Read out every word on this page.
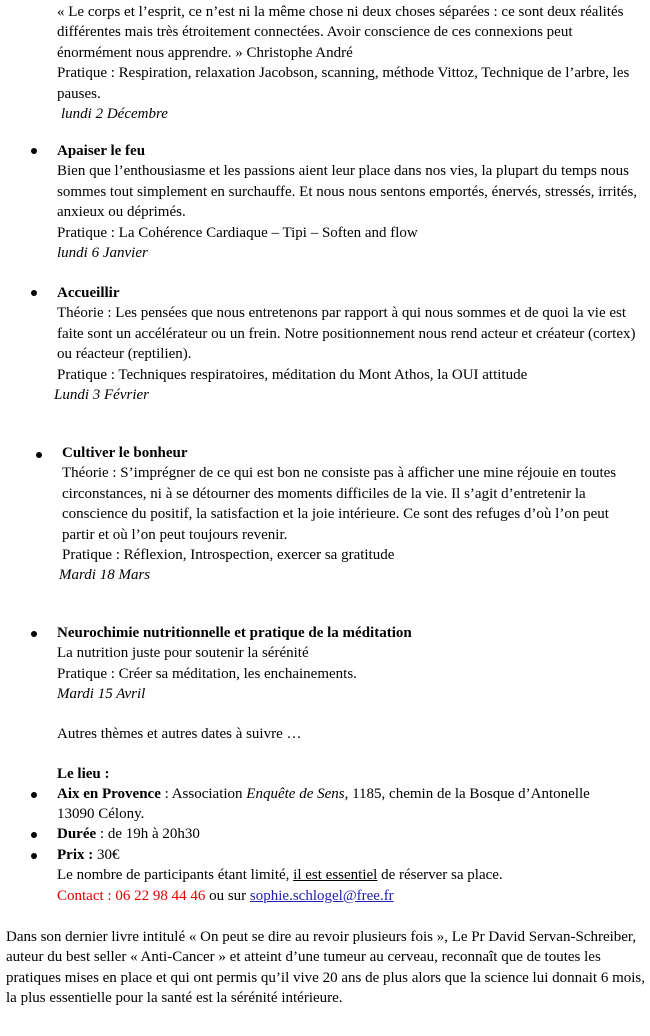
« Le corps et l’esprit, ce n’est ni la même chose ni deux choses séparées : ce sont deux réalités différentes mais très étroitement connectées. Avoir conscience de ces connexions peut énormément nous apprendre. » Christophe André

Pratique : Respiration, relaxation Jacobson, scanning, méthode Vittoz, Technique de l’arbre, les pauses.

lundi 2 Décembre

Apaiser le feu

Bien que l’enthousiasme et les passions aient leur place dans nos vies, la plupart du temps nous sommes tout simplement en surchauffe. Et nous nous sentons emportés, énervés, stressés, irrités, anxieux ou déprimés.

Pratique : La Cohérence Cardiaque – Tipi – Soften and flow

lundi 6 Janvier

Accueillir

Théorie : Les pensées que nous entretenons par rapport à qui nous sommes et de quoi la vie est faite sont un accélérateur ou un frein. Notre positionnement nous rend acteur et créateur (cortex) ou réacteur (reptilien).

Pratique : Techniques respiratoires, méditation du Mont Athos, la OUI attitude

Lundi 3 Février

Cultiver le bonheur

Théorie : S’imprégner de ce qui est bon ne consiste pas à afficher une mine réjouie en toutes circonstances, ni à se détourner des moments difficiles de la vie. Il s’agit d’entretenir la conscience du positif, la satisfaction et la joie intérieure. Ce sont des refuges d’où l’on peut partir et où l’on peut toujours revenir.

Pratique : Réflexion, Introspection, exercer sa gratitude

Mardi 18 Mars

Neurochimie nutritionnelle et pratique de la méditation

La nutrition juste pour soutenir la sérénité

Pratique : Créer sa méditation, les enchainements.

Mardi 15 Avril

Autres thèmes et autres dates à suivre …

Le lieu :

Aix en Provence : Association Enquête de Sens, 1185, chemin de la Bosque d’Antonelle 13090 Célony.

Durée : de 19h à 20h30

Prix : 30€

Le nombre de participants étant limité, il est essentiel de réserver sa place.

Contact : 06 22 98 44 46 ou sur sophie.schlogel@free.fr

Dans son dernier livre intitulé « On peut se dire au revoir plusieurs fois », Le Pr David Servan-Schreiber, auteur du best seller « Anti-Cancer » et atteint d’une tumeur au cerveau, reconnaît que de toutes les pratiques mises en place et qui ont permis qu’il vive 20 ans de plus alors que la science lui donnait 6 mois, la plus essentielle pour la santé est la sérénité intérieure.
